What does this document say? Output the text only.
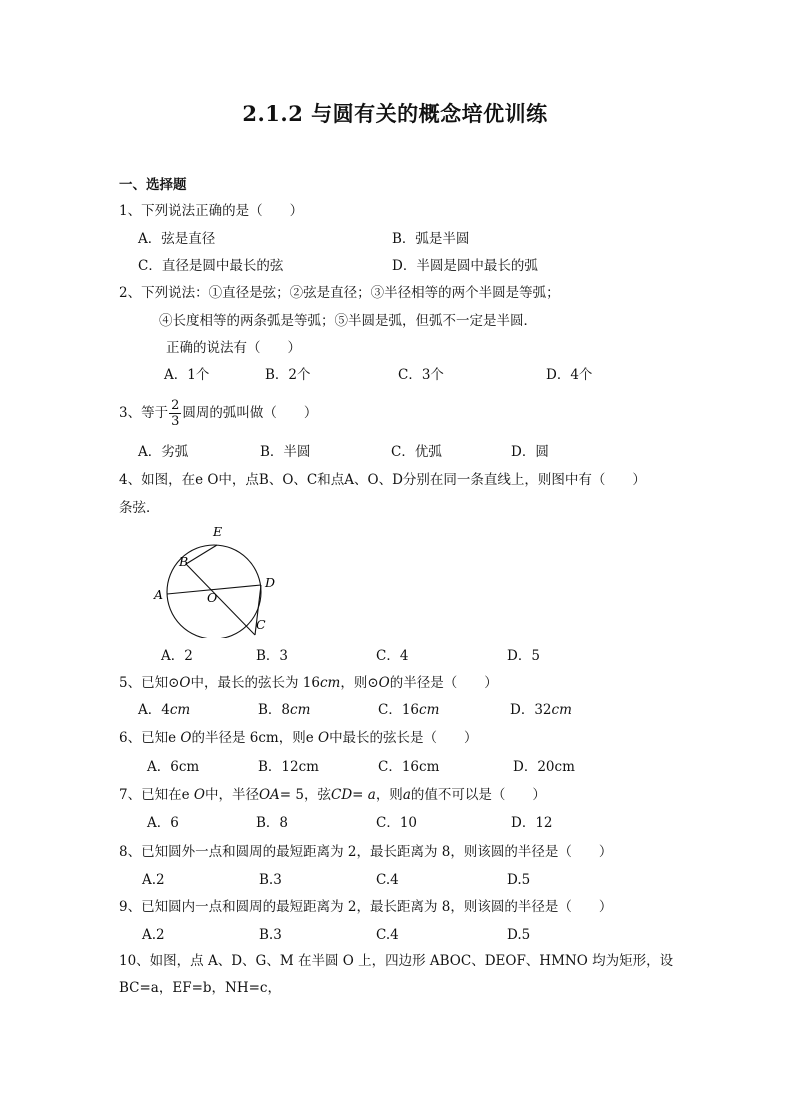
2.1.2 与圆有关的概念培优训练
一、选择题
1、下列说法正确的是（　　）
A．弦是直径	B．弧是半圆
C．直径是圆中最长的弦	D．半圆是圆中最长的弧
2、下列说法：①直径是弦；②弦是直径；③半径相等的两个半圆是等弧；
④长度相等的两条弧是等弧；⑤半圆是弧，但弧不一定是半圆．
正确的说法有（　　）
A．1个	B．2个	C．3个	D．4个
3、等于 $\frac{2}{3}$ 圆周的弧叫做（　　）
A．劣弧	B．半圆	C．优弧	D．圆
4、如图，在e O中，点B、O、C和点A、O、D分别在同一条直线上，则图中有（　　）
条弦．
A
B
C
D
E
O
A．2	B．3	C．4	D．5
5、已知⊙O中，最长的弦长为 16cm，则⊙O的半径是（　　）
A．4cm	B．8cm	C．16cm	D．32cm
6、已知e O的半径是 6cm，则e O中最长的弦长是（　　）
A．6cm	B．12cm	C．16cm	D．20cm
7、已知在e O中，半径OA= 5，弦CD= a，则a的值不可以是（　　）
A．6	B．8	C．10	D．12
8、已知圆外一点和圆周的最短距离为 2，最长距离为 8，则该圆的半径是（　　）
A.2	B.3	C.4	D.5
9、已知圆内一点和圆周的最短距离为 2，最长距离为 8，则该圆的半径是（　　）
A.2	B.3	C.4	D.5
10、如图，点 A、D、G、M 在半圆 O 上，四边形 ABOC、DEOF、HMNO 均为矩形，设
BC=a，EF=b，NH=c，
